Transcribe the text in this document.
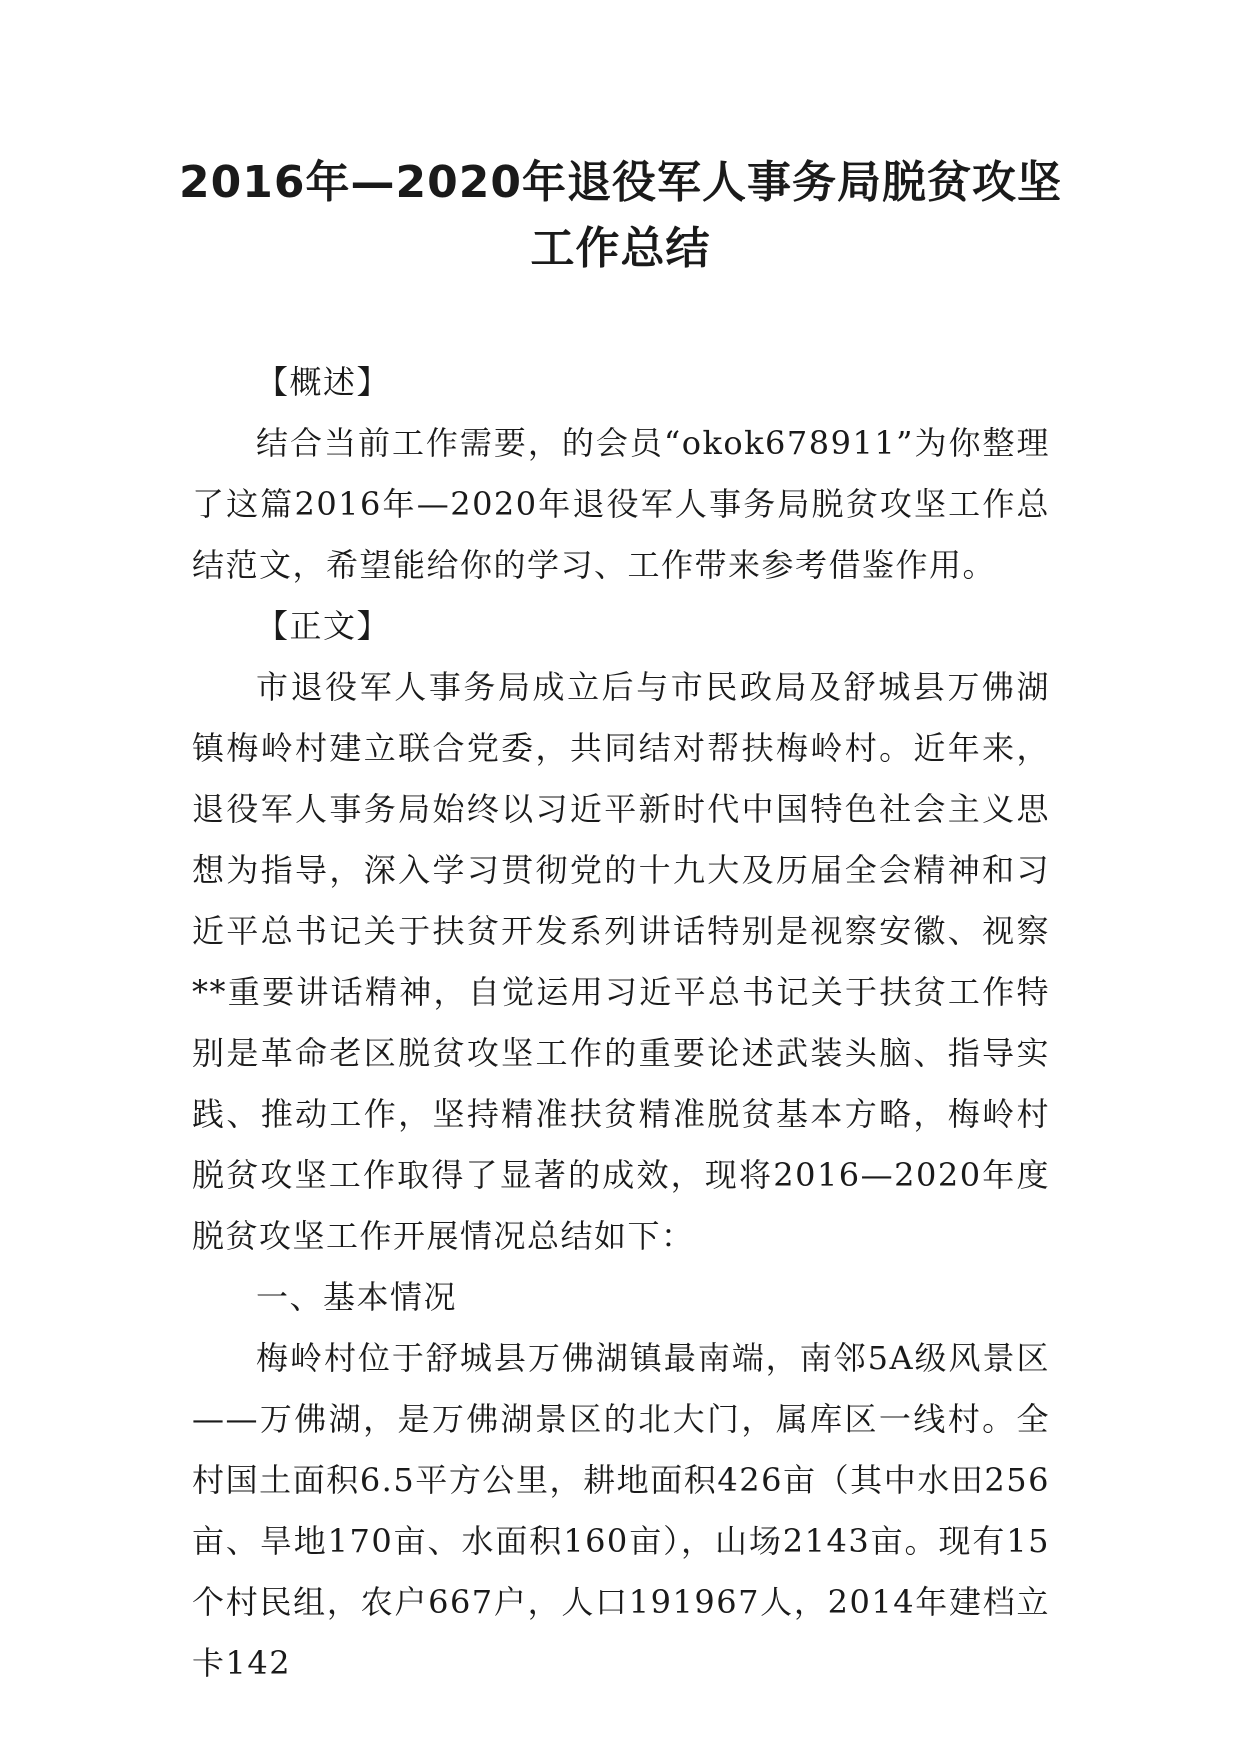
2016年—2020年退役军人事务局脱贫攻坚
工作总结

【概述】

结合当前工作需要，的会员“okok678911”为你整理了这篇2016年—2020年退役军人事务局脱贫攻坚工作总结范文，希望能给你的学习、工作带来参考借鉴作用。

【正文】

市退役军人事务局成立后与市民政局及舒城县万佛湖镇梅岭村建立联合党委，共同结对帮扶梅岭村。近年来，退役军人事务局始终以习近平新时代中国特色社会主义思想为指导，深入学习贯彻党的十九大及历届全会精神和习近平总书记关于扶贫开发系列讲话特别是视察安徽、视察**重要讲话精神，自觉运用习近平总书记关于扶贫工作特别是革命老区脱贫攻坚工作的重要论述武装头脑、指导实践、推动工作，坚持精准扶贫精准脱贫基本方略，梅岭村脱贫攻坚工作取得了显著的成效，现将2016—2020年度脱贫攻坚工作开展情况总结如下：

一、基本情况

梅岭村位于舒城县万佛湖镇最南端，南邻5A级风景区——万佛湖，是万佛湖景区的北大门，属库区一线村。全村国土面积6.5平方公里，耕地面积426亩（其中水田256亩、旱地170亩、水面积160亩），山场2143亩。现有15个村民组，农户667户，人口191967人，2014年建档立卡142
